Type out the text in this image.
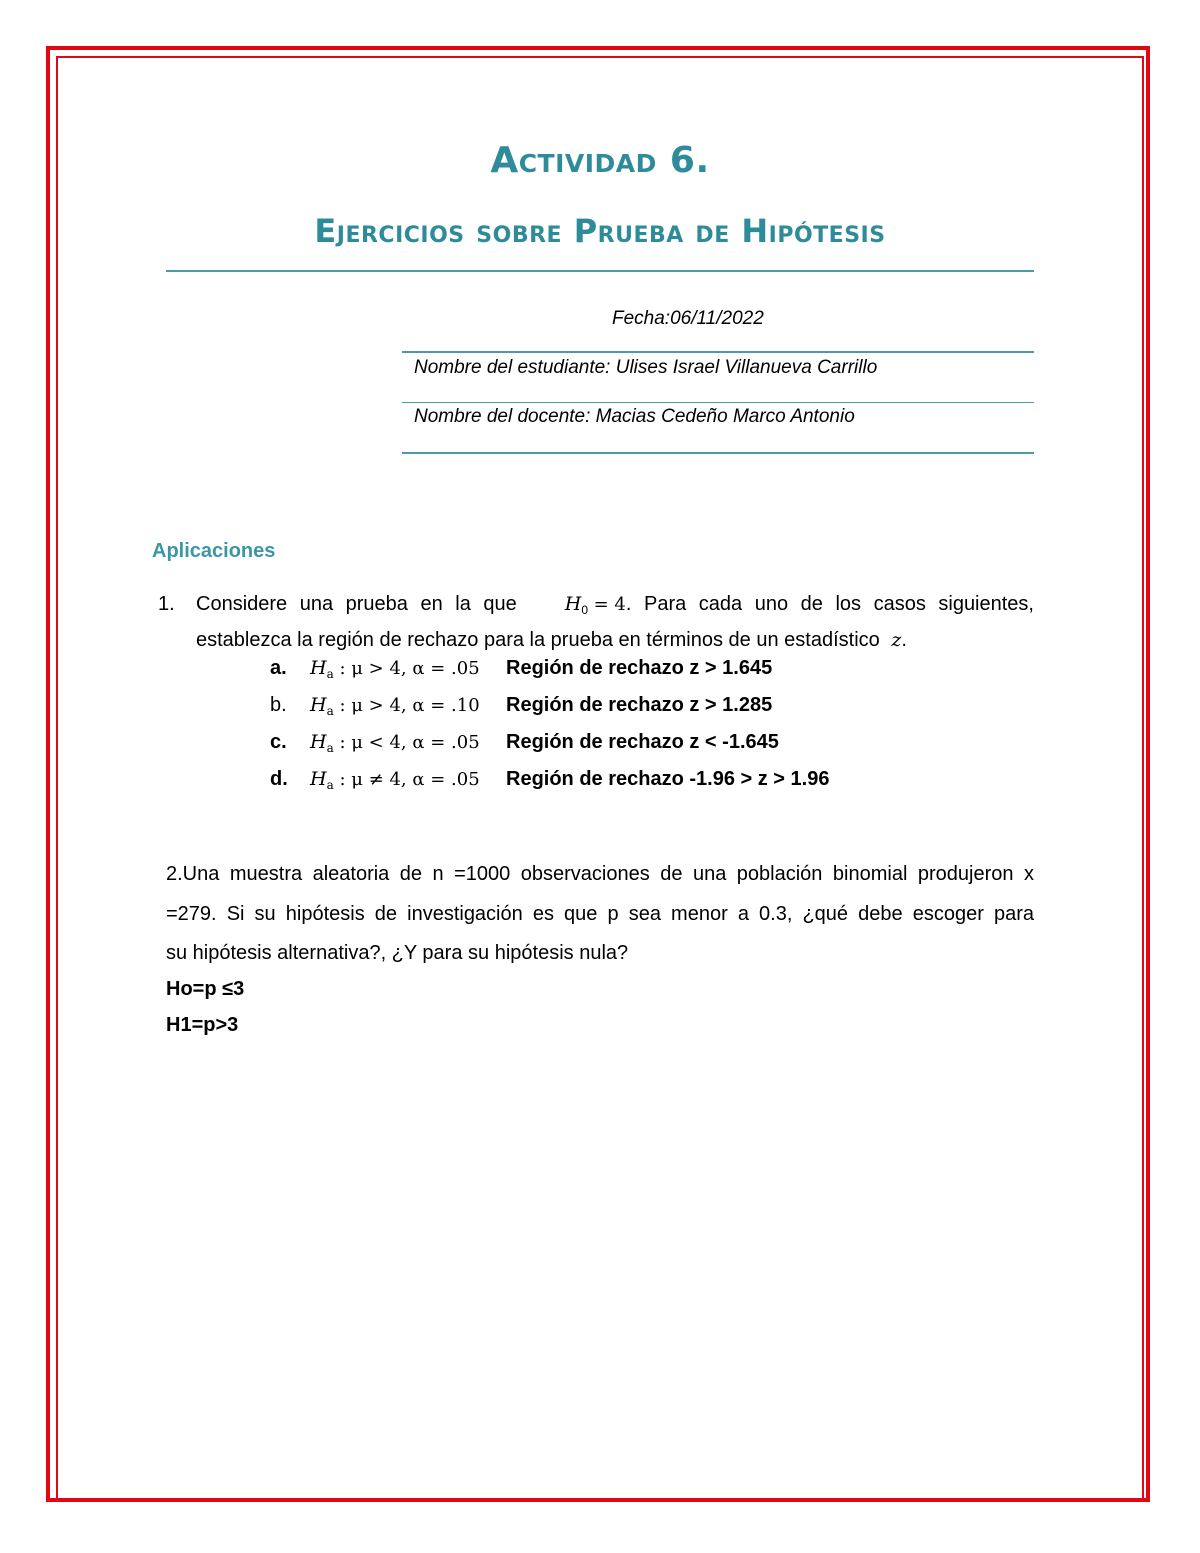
Actividad 6.
Ejercicios sobre Prueba de Hipótesis
Fecha:06/11/2022
Nombre del estudiante: Ulises Israel Villanueva Carrillo
Nombre del docente: Macias Cedeño Marco Antonio
Aplicaciones
1. Considere una prueba en la que	$H_0 = 4$. Para cada uno de los casos siguientes,
establezca la región de rechazo para la prueba en términos de un estadístico z.
a. $H_a$ : μ > 4, α = .05 Región de rechazo z > 1.645
b. $H_a$ : μ > 4, α = .10 Región de rechazo z > 1.285
c. $H_a$ : μ < 4, α = .05 Región de rechazo z < -1.645
d. $H_a$ : μ ≠ 4, α = .05 Región de rechazo -1.96 > z > 1.96
2.Una muestra aleatoria de n =1000 observaciones de una población binomial produjeron x
=279. Si su hipótesis de investigación es que p sea menor a 0.3, ¿qué debe escoger para
su hipótesis alternativa?, ¿Y para su hipótesis nula?
Ho=p ≤3
H1=p>3
